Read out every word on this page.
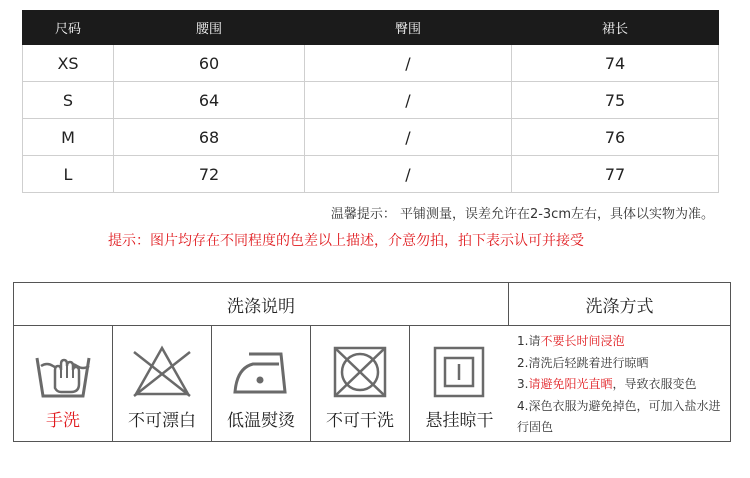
尺码	腰围	臀围	裙长
XS	60	/	74
S	64	/	75
M	68	/	76
L	72	/	77
温馨提示： 平铺测量，误差允许在2-3cm左右，具体以实物为准。
提示：图片均存在不同程度的色差以上描述，介意勿拍，拍下表示认可并接受
洗涤说明	洗涤方式
手洗	不可漂白	低温熨烫	不可干洗	悬挂晾干
1.请不要长时间浸泡
2.清洗后轻跳着进行晾晒
3.请避免阳光直晒，导致衣服变色
4.深色衣服为避免掉色，可加入盐水进行固色
